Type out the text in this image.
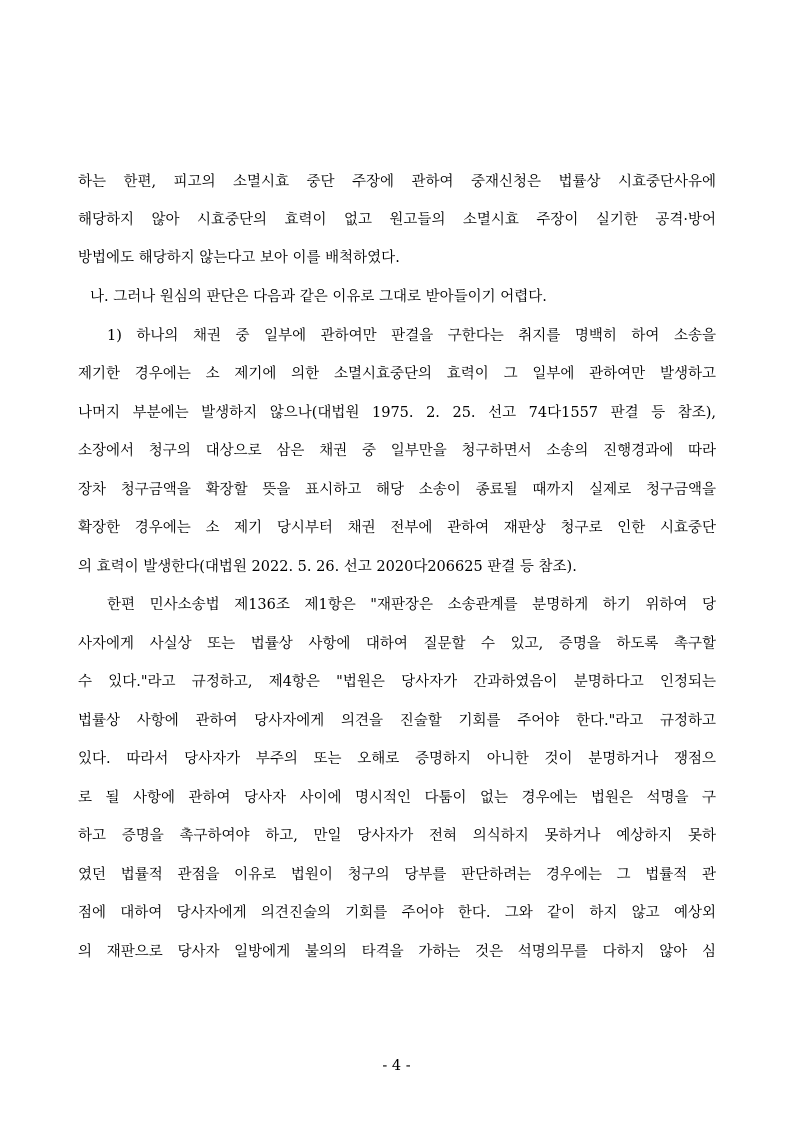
하는 한편, 피고의 소멸시효 중단 주장에 관하여 중재신청은 법률상 시효중단사유에
해당하지 않아 시효중단의 효력이 없고 원고들의 소멸시효 주장이 실기한 공격·방어
방법에도 해당하지 않는다고 보아 이를 배척하였다.
나. 그러나 원심의 판단은 다음과 같은 이유로 그대로 받아들이기 어렵다.
1) 하나의 채권 중 일부에 관하여만 판결을 구한다는 취지를 명백히 하여 소송을
제기한 경우에는 소 제기에 의한 소멸시효중단의 효력이 그 일부에 관하여만 발생하고
나머지 부분에는 발생하지 않으나(대법원 1975. 2. 25. 선고 74다1557 판결 등 참조),
소장에서 청구의 대상으로 삼은 채권 중 일부만을 청구하면서 소송의 진행경과에 따라
장차 청구금액을 확장할 뜻을 표시하고 해당 소송이 종료될 때까지 실제로 청구금액을
확장한 경우에는 소 제기 당시부터 채권 전부에 관하여 재판상 청구로 인한 시효중단
의 효력이 발생한다(대법원 2022. 5. 26. 선고 2020다206625 판결 등 참조).
한편 민사소송법 제136조 제1항은 "재판장은 소송관계를 분명하게 하기 위하여 당
사자에게 사실상 또는 법률상 사항에 대하여 질문할 수 있고, 증명을 하도록 촉구할
수 있다."라고 규정하고, 제4항은 "법원은 당사자가 간과하였음이 분명하다고 인정되는
법률상 사항에 관하여 당사자에게 의견을 진술할 기회를 주어야 한다."라고 규정하고
있다. 따라서 당사자가 부주의 또는 오해로 증명하지 아니한 것이 분명하거나 쟁점으
로 될 사항에 관하여 당사자 사이에 명시적인 다툼이 없는 경우에는 법원은 석명을 구
하고 증명을 촉구하여야 하고, 만일 당사자가 전혀 의식하지 못하거나 예상하지 못하
였던 법률적 관점을 이유로 법원이 청구의 당부를 판단하려는 경우에는 그 법률적 관
점에 대하여 당사자에게 의견진술의 기회를 주어야 한다. 그와 같이 하지 않고 예상외
의 재판으로 당사자 일방에게 불의의 타격을 가하는 것은 석명의무를 다하지 않아 심
- 4 -
